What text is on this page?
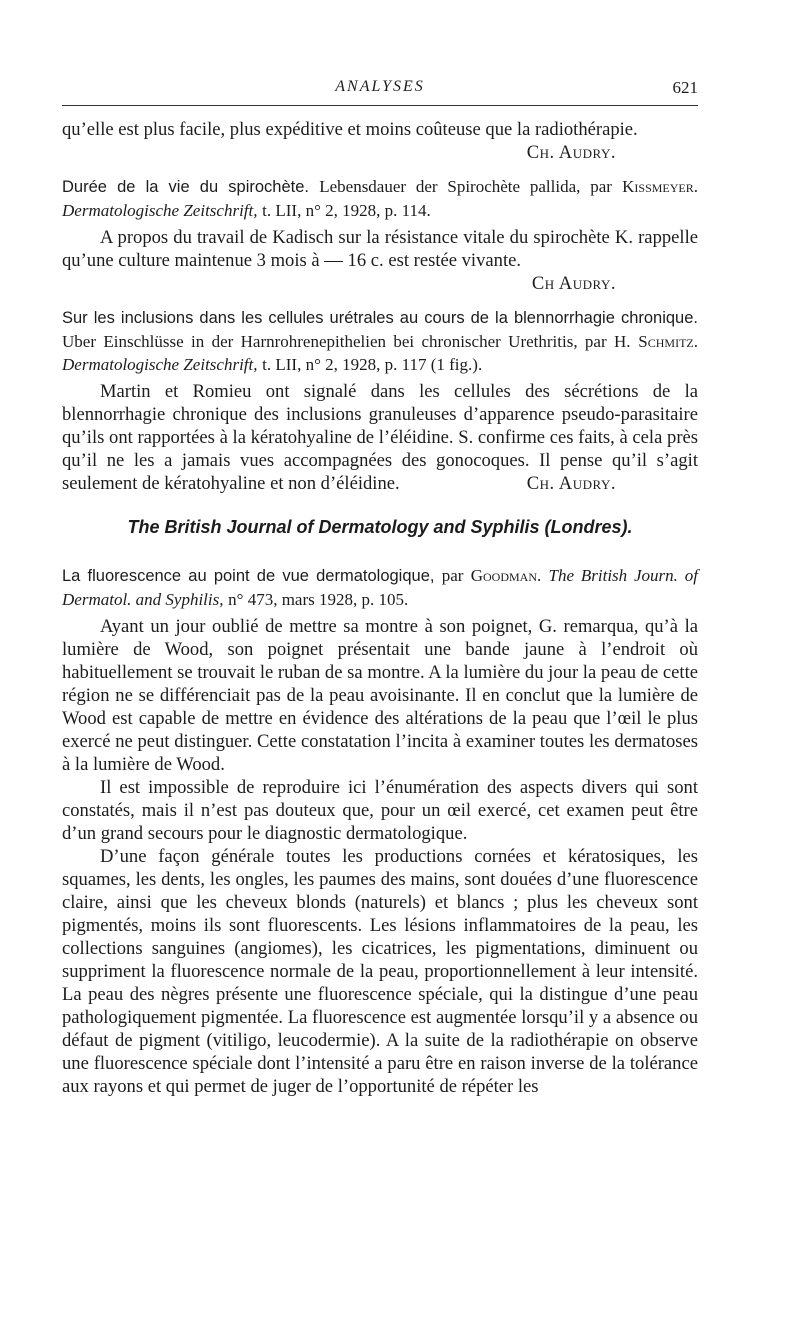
ANALYSES	621

qu’elle est plus facile, plus expéditive et moins coûteuse que la radiothérapie.
Ch. Audry.

Durée de la vie du spirochète. Lebensdauer der Spirochète pallida, par Kissmeyer. Dermatologische Zeitschrift, t. LII, n° 2, 1928, p. 114.

A propos du travail de Kadisch sur la résistance vitale du spirochète K. rappelle qu’une culture maintenue 3 mois à — 16 c. est restée vivante.
Ch Audry.

Sur les inclusions dans les cellules urétrales au cours de la blennorrhagie chronique. Uber Einschlüsse in der Harnrohrenepithelien bei chronischer Urethritis, par H. Schmitz. Dermatologische Zeitschrift, t. LII, n° 2, 1928, p. 117 (1 fig.).

Martin et Romieu ont signalé dans les cellules des sécrétions de la blennorrhagie chronique des inclusions granuleuses d’apparence pseudo-parasitaire qu’ils ont rapportées à la kératohyaline de l’éléidine. S. confirme ces faits, à cela près qu’il ne les a jamais vues accompagnées des gonocoques. Il pense qu’il s’agit seulement de kératohyaline et non d’éléidine.	Ch. Audry.

The British Journal of Dermatology and Syphilis (Londres).

La fluorescence au point de vue dermatologique, par Goodman. The British Journ. of Dermatol. and Syphilis, n° 473, mars 1928, p. 105.

Ayant un jour oublié de mettre sa montre à son poignet, G. remarqua, qu’à la lumière de Wood, son poignet présentait une bande jaune à l’endroit où habituellement se trouvait le ruban de sa montre. A la lumière du jour la peau de cette région ne se différenciait pas de la peau avoisinante. Il en conclut que la lumière de Wood est capable de mettre en évidence des altérations de la peau que l’œil le plus exercé ne peut distinguer. Cette constatation l’incita à examiner toutes les dermatoses à la lumière de Wood.

Il est impossible de reproduire ici l’énumération des aspects divers qui sont constatés, mais il n’est pas douteux que, pour un œil exercé, cet examen peut être d’un grand secours pour le diagnostic dermatologique.

D’une façon générale toutes les productions cornées et kératosiques, les squames, les dents, les ongles, les paumes des mains, sont douées d’une fluorescence claire, ainsi que les cheveux blonds (naturels) et blancs ; plus les cheveux sont pigmentés, moins ils sont fluorescents. Les lésions inflammatoires de la peau, les collections sanguines (angiomes), les cicatrices, les pigmentations, diminuent ou suppriment la fluorescence normale de la peau, proportionnellement à leur intensité. La peau des nègres présente une fluorescence spéciale, qui la distingue d’une peau pathologiquement pigmentée. La fluorescence est augmentée lorsqu’il y a absence ou défaut de pigment (vitiligo, leucodermie). A la suite de la radiothérapie on observe une fluorescence spéciale dont l’intensité a paru être en raison inverse de la tolérance aux rayons et qui permet de juger de l’opportunité de répéter les
